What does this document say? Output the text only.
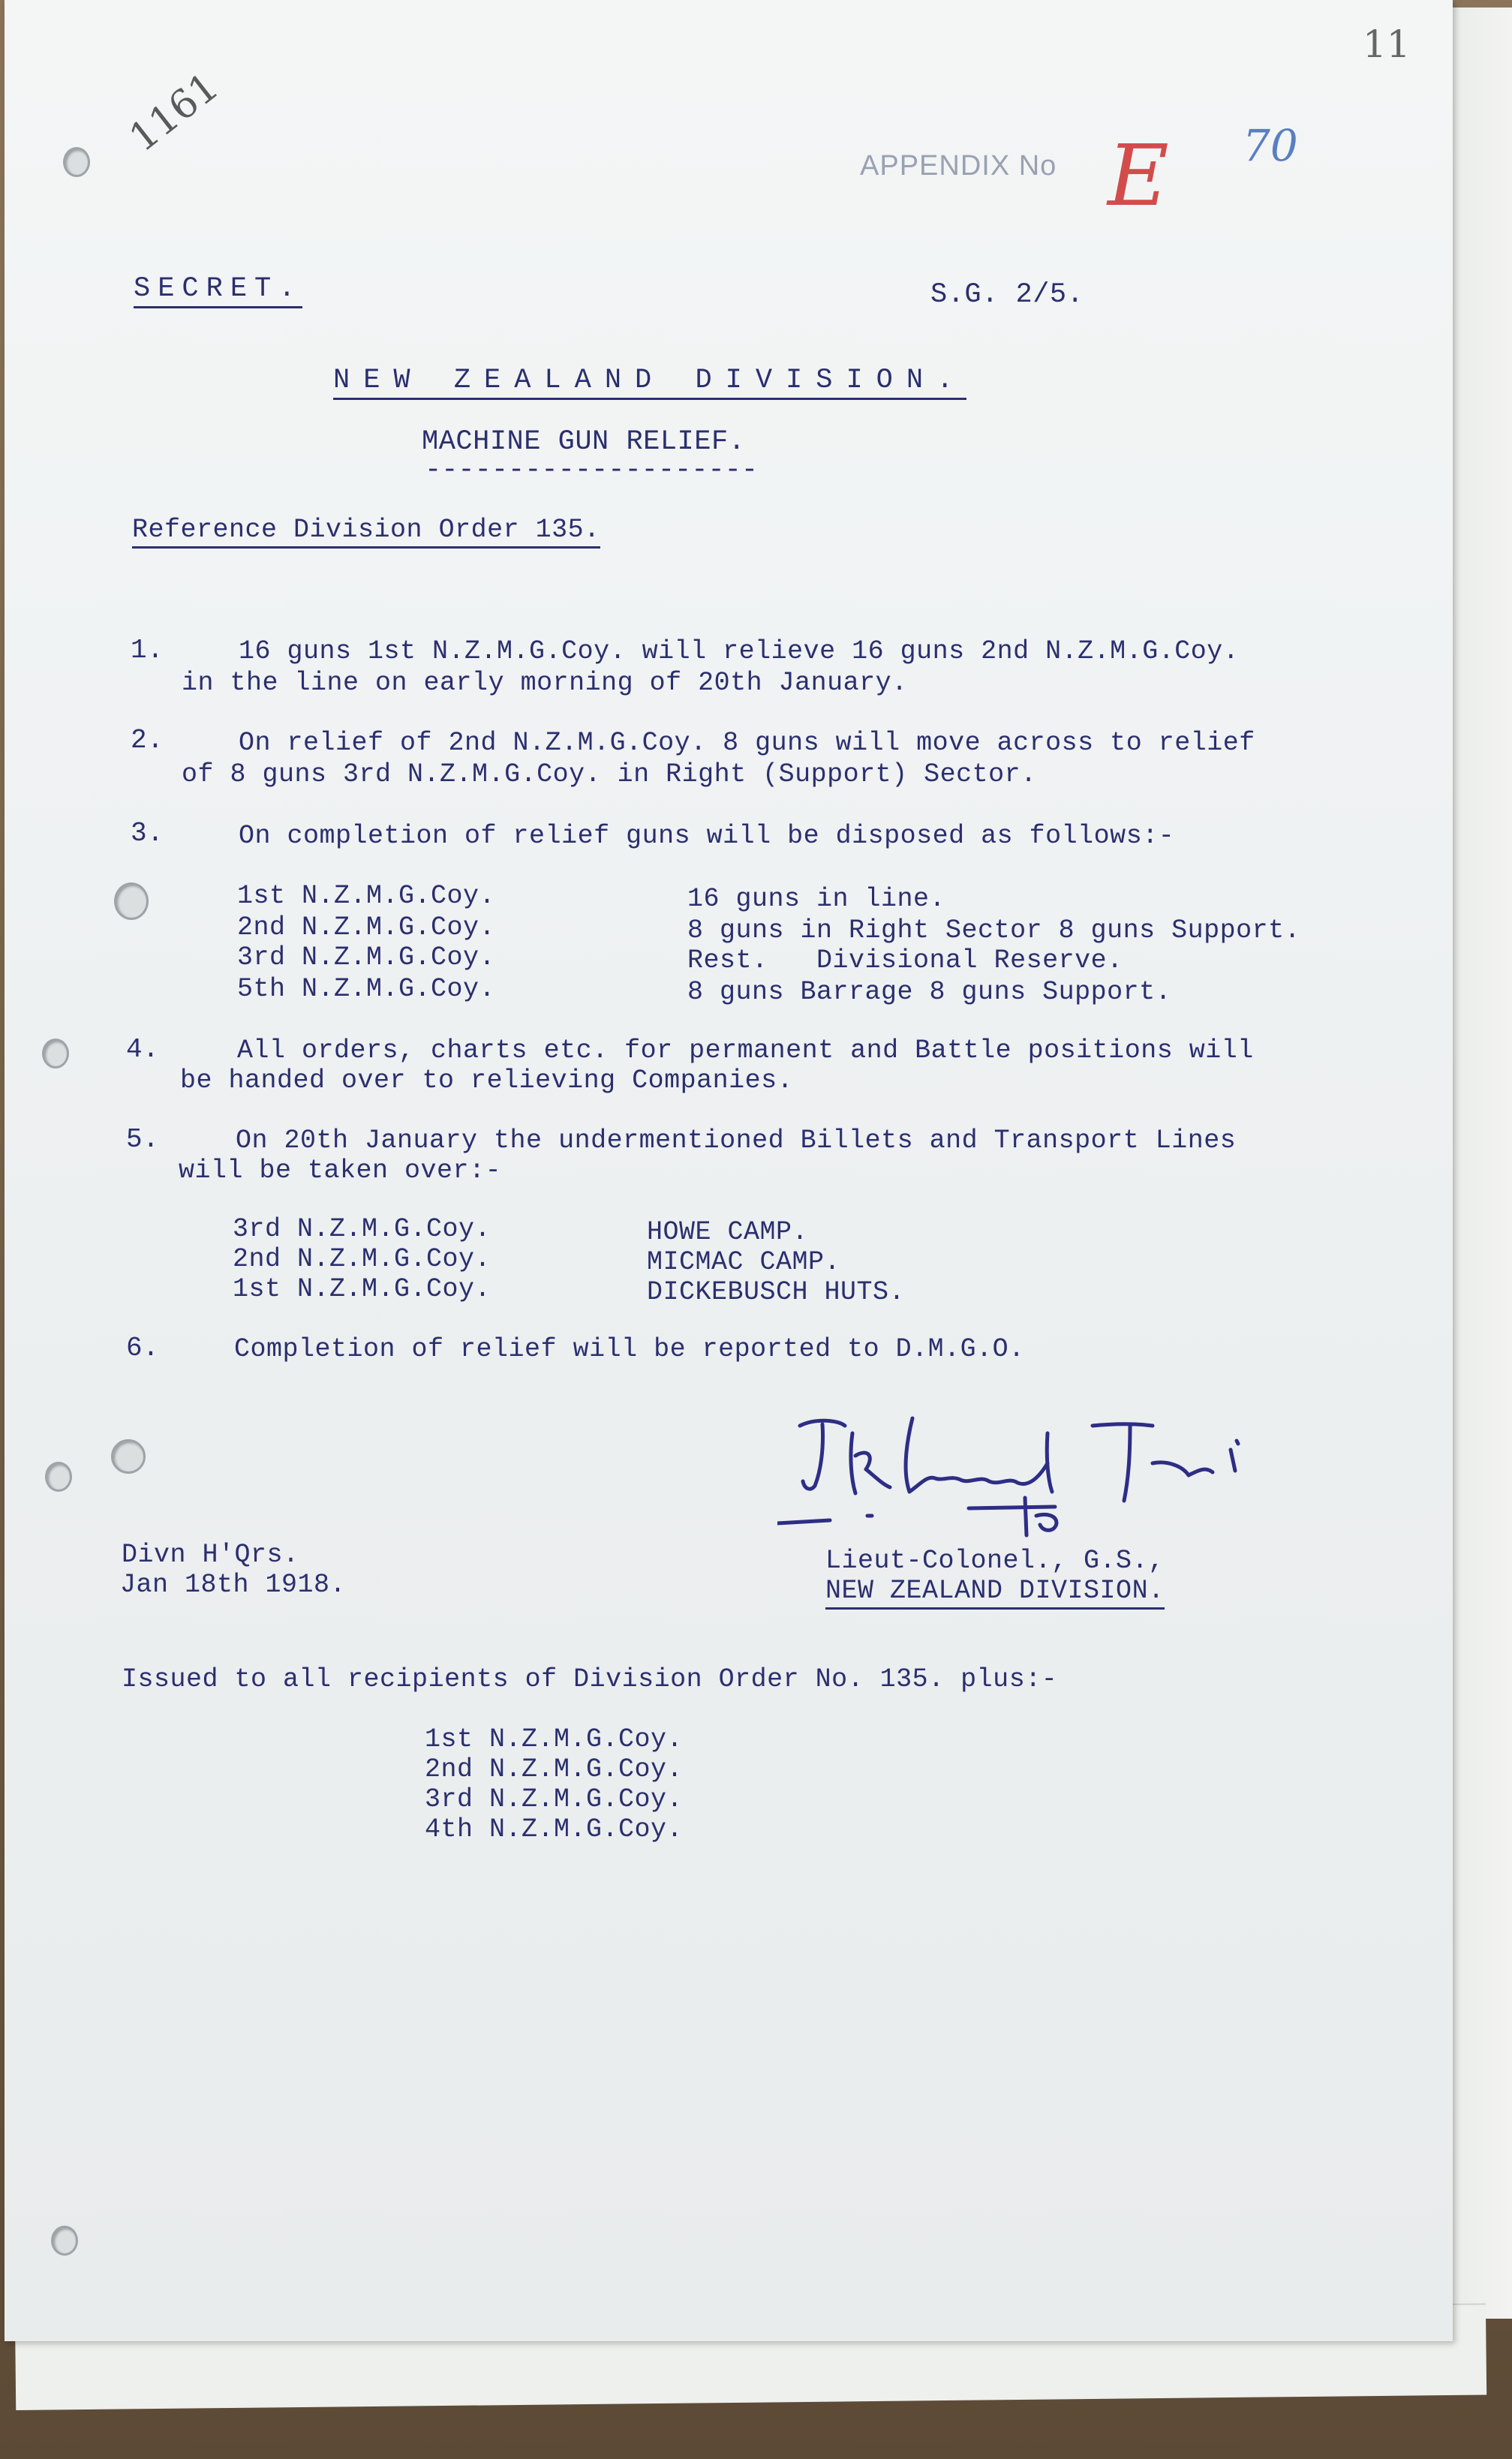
1161
11
APPENDIX No E 70
SECRET.	S.G. 2/5.
NEW ZEALAND DIVISION.
MACHINE GUN RELIEF.
--------------------
Reference Division Order 135.
1.	16 guns 1st N.Z.M.G.Coy. will relieve 16 guns 2nd N.Z.M.G.Coy.
in the line on early morning of 20th January.
2.	On relief of 2nd N.Z.M.G.Coy. 8 guns will move across to relief
of 8 guns 3rd N.Z.M.G.Coy. in Right (Support) Sector.
3.	On completion of relief guns will be disposed as follows:-
1st N.Z.M.G.Coy.	16 guns in line.
2nd N.Z.M.G.Coy.	8 guns in Right Sector 8 guns Support.
3rd N.Z.M.G.Coy.	Rest.   Divisional Reserve.
5th N.Z.M.G.Coy.	8 guns Barrage 8 guns Support.
4.	All orders, charts etc. for permanent and Battle positions will
be handed over to relieving Companies.
5.	On 20th January the undermentioned Billets and Transport Lines
will be taken over:-
3rd N.Z.M.G.Coy.	HOWE CAMP.
2nd N.Z.M.G.Coy.	MICMAC CAMP.
1st N.Z.M.G.Coy.	DICKEBUSCH HUTS.
6.	Completion of relief will be reported to D.M.G.O.
Divn H'Qrs.
Jan 18th 1918.
Lieut-Colonel., G.S.,
NEW ZEALAND DIVISION.
Issued to all recipients of Division Order No. 135. plus:-
1st N.Z.M.G.Coy.
2nd N.Z.M.G.Coy.
3rd N.Z.M.G.Coy.
4th N.Z.M.G.Coy.
